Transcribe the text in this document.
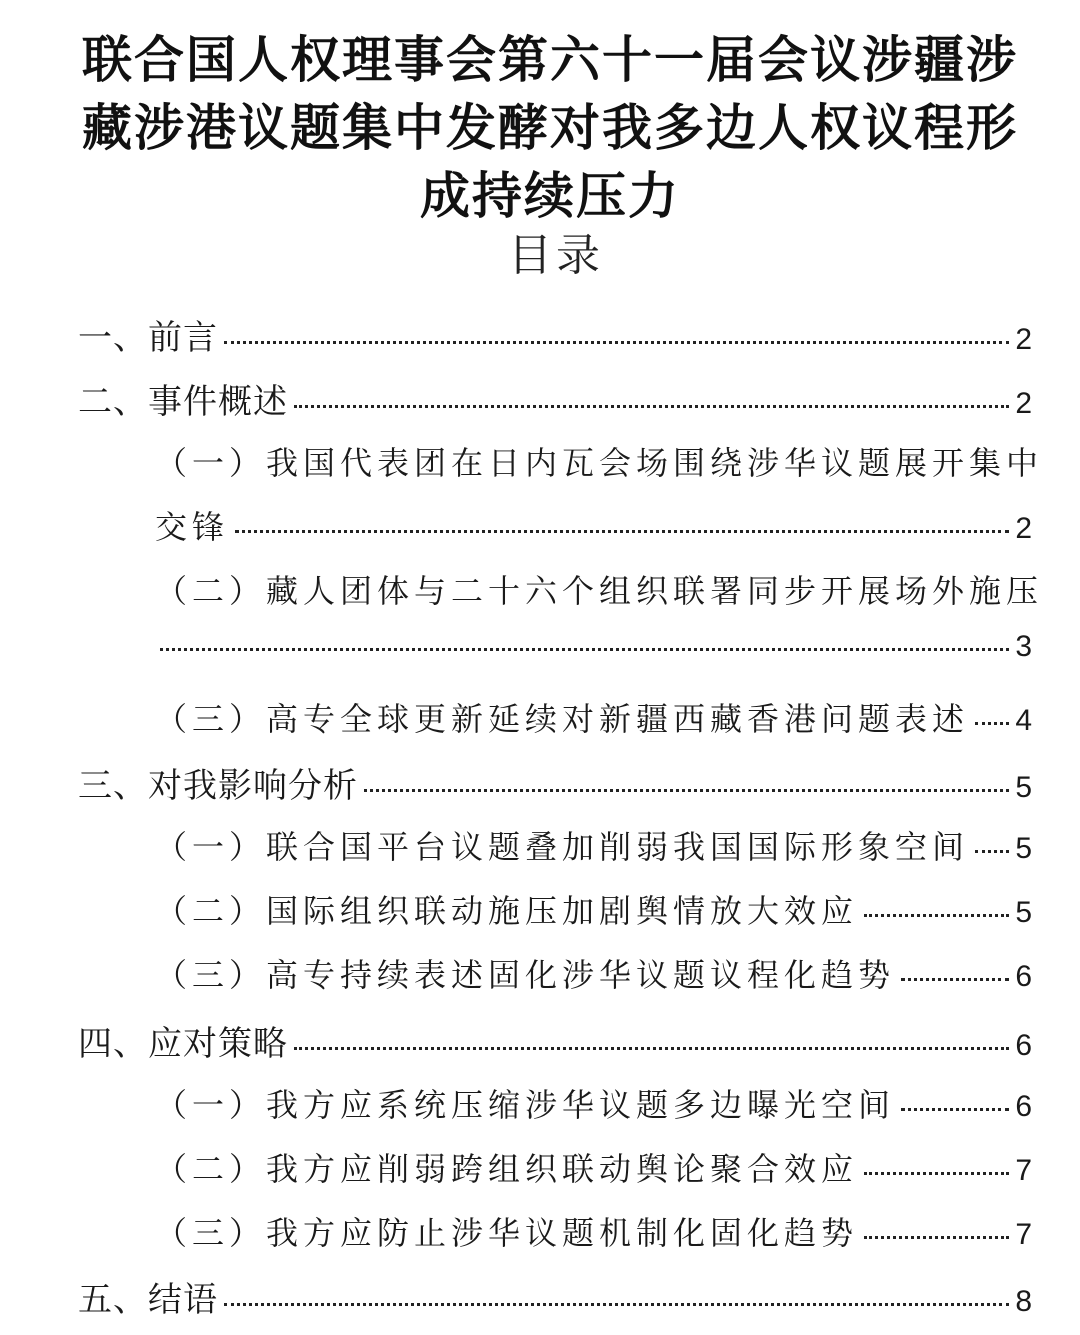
联合国人权理事会第六十一届会议涉疆涉
藏涉港议题集中发酵对我多边人权议程形
成持续压力
目录
一、前言	2
二、事件概述	2
（一）我国代表团在日内瓦会场围绕涉华议题展开集中
交锋	2
（二）藏人团体与二十六个组织联署同步开展场外施压
3
（三）高专全球更新延续对新疆西藏香港问题表述 4
三、对我影响分析	5
（一）联合国平台议题叠加削弱我国国际形象空间 5
（二）国际组织联动施压加剧舆情放大效应	5
（三）高专持续表述固化涉华议题议程化趋势	6
四、应对策略	6
（一）我方应系统压缩涉华议题多边曝光空间	6
（二）我方应削弱跨组织联动舆论聚合效应	7
（三）我方应防止涉华议题机制化固化趋势	7
五、结语	8
